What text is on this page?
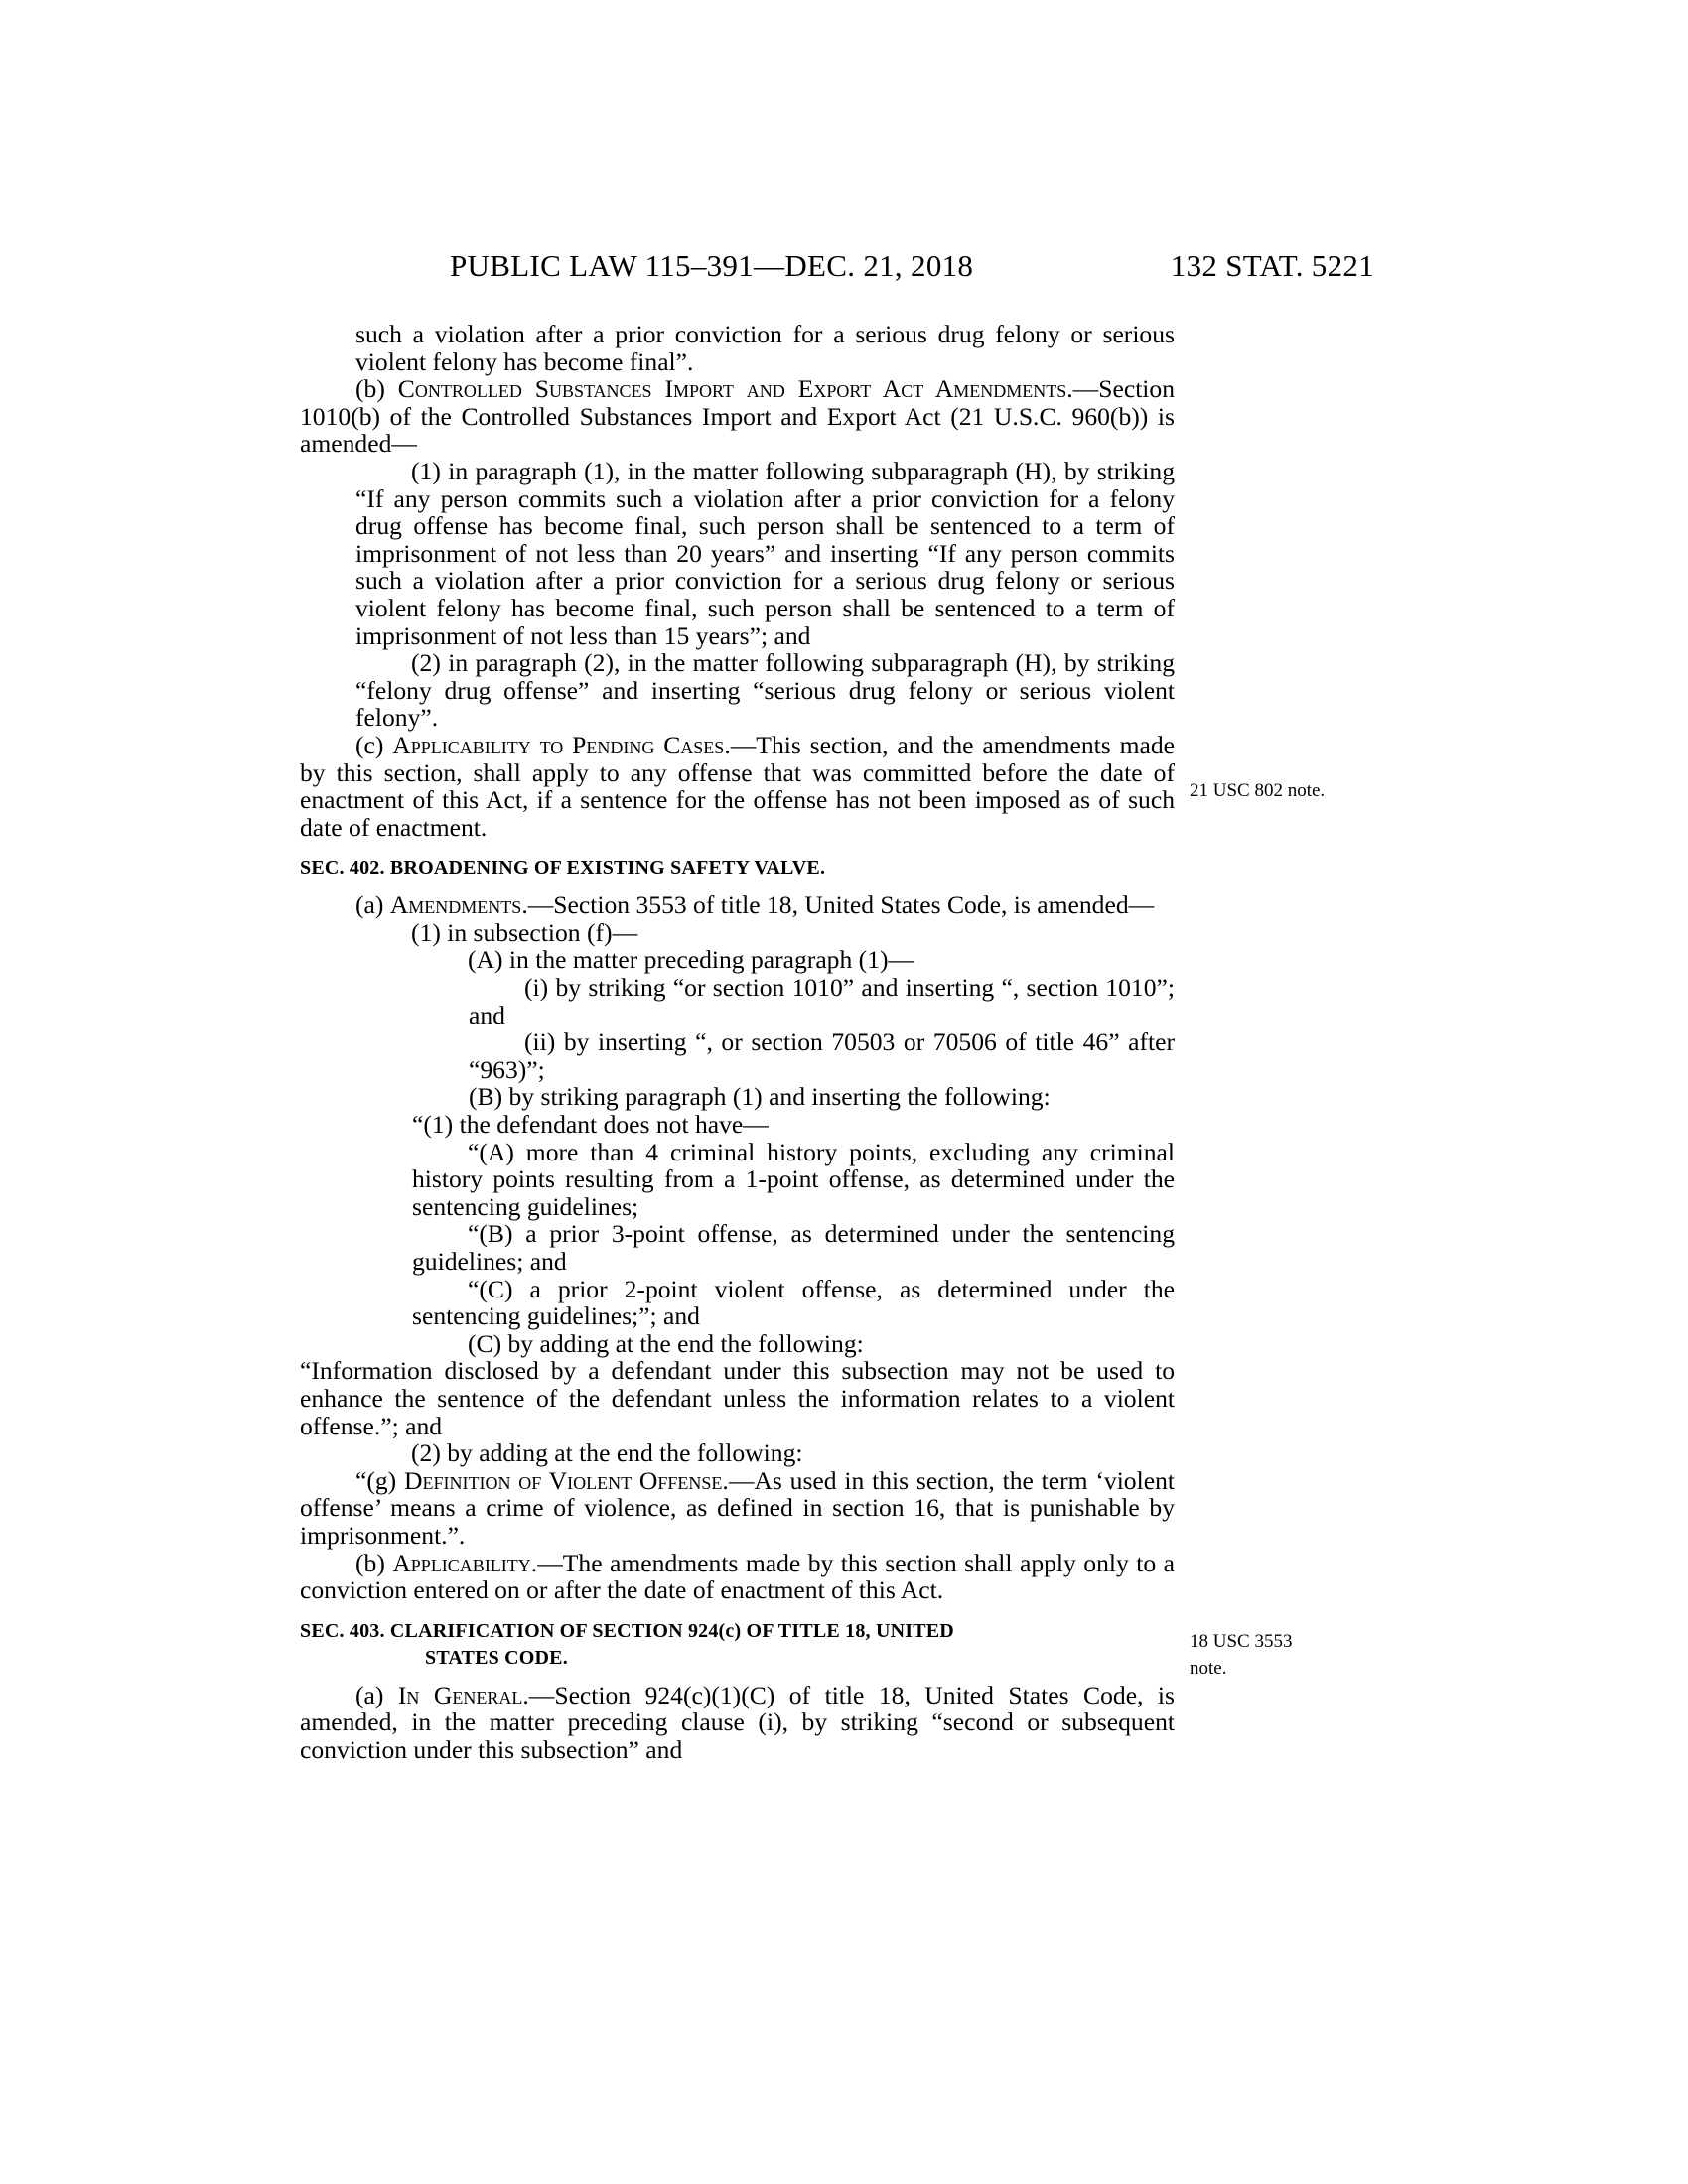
PUBLIC LAW 115–391—DEC. 21, 2018	132 STAT. 5221
21 USC 802 note.
18 USC 3553
note.

such a violation after a prior conviction for a serious drug felony or serious violent felony has become final”.

(b) Controlled Substances Import and Export Act Amendments.—Section 1010(b) of the Controlled Substances Import and Export Act (21 U.S.C. 960(b)) is amended—

(1) in paragraph (1), in the matter following subparagraph (H), by striking “If any person commits such a violation after a prior conviction for a felony drug offense has become final, such person shall be sentenced to a term of imprisonment of not less than 20 years” and inserting “If any person commits such a violation after a prior conviction for a serious drug felony or serious violent felony has become final, such person shall be sentenced to a term of imprisonment of not less than 15 years”; and

(2) in paragraph (2), in the matter following subparagraph (H), by striking “felony drug offense” and inserting “serious drug felony or serious violent felony”.

(c) Applicability to Pending Cases.—This section, and the amendments made by this section, shall apply to any offense that was committed before the date of enactment of this Act, if a sentence for the offense has not been imposed as of such date of enactment.

SEC. 402. BROADENING OF EXISTING SAFETY VALVE.

(a) Amendments.—Section 3553 of title 18, United States Code, is amended—

(1) in subsection (f)—

(A) in the matter preceding paragraph (1)—

(i) by striking “or section 1010” and inserting “, section 1010”; and

(ii) by inserting “, or section 70503 or 70506 of title 46” after “963)”;

(B) by striking paragraph (1) and inserting the following:

“(1) the defendant does not have—

“(A) more than 4 criminal history points, excluding any criminal history points resulting from a 1-point offense, as determined under the sentencing guidelines;

“(B) a prior 3-point offense, as determined under the sentencing guidelines; and

“(C) a prior 2-point violent offense, as determined under the sentencing guidelines;”; and

(C) by adding at the end the following:

“Information disclosed by a defendant under this subsection may not be used to enhance the sentence of the defendant unless the information relates to a violent offense.”; and

(2) by adding at the end the following:

“(g) Definition of Violent Offense.—As used in this section, the term ‘violent offense’ means a crime of violence, as defined in section 16, that is punishable by imprisonment.”.

(b) Applicability.—The amendments made by this section shall apply only to a conviction entered on or after the date of enactment of this Act.

SEC. 403. CLARIFICATION OF SECTION 924(c) OF TITLE 18, UNITED
STATES CODE.

(a) In General.—Section 924(c)(1)(C) of title 18, United States Code, is amended, in the matter preceding clause (i), by striking “second or subsequent conviction under this subsection” and
